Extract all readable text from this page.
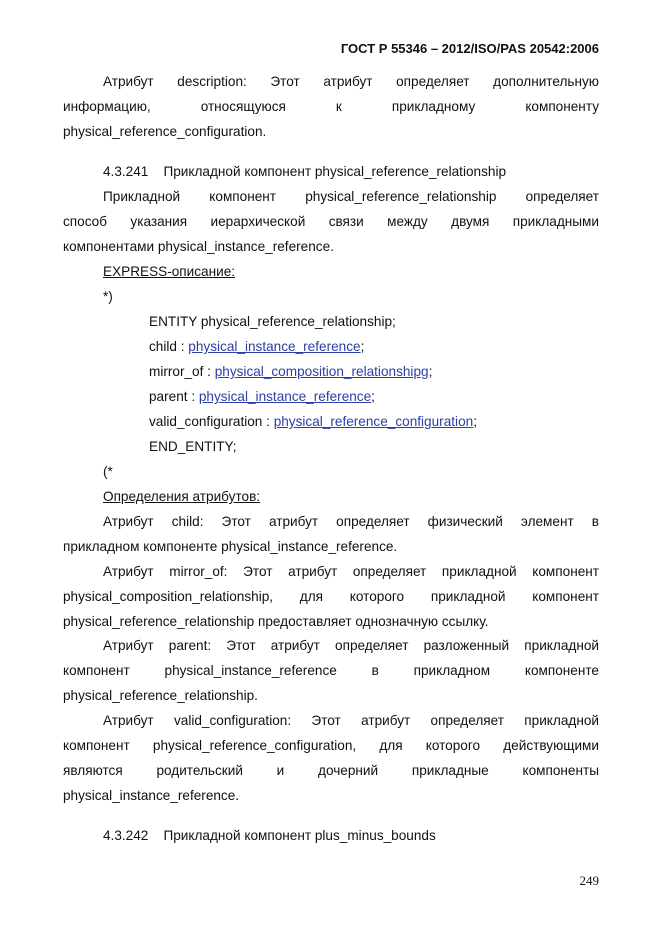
ГОСТ Р 55346 – 2012/ISO/PAS 20542:2006
Атрибут description: Этот атрибут определяет дополнительную
информацию, относящуюся к прикладному компоненту
physical_reference_configuration.
4.3.241    Прикладной компонент physical_reference_relationship
Прикладной компонент physical_reference_relationship определяет
способ указания иерархической связи между двумя прикладными
компонентами physical_instance_reference.
EXPRESS-описание:
*)
ENTITY physical_reference_relationship;
child : physical_instance_reference;
mirror_of : physical_composition_relationshipg;
parent : physical_instance_reference;
valid_configuration : physical_reference_configuration;
END_ENTITY;
(*
Определения атрибутов:
Атрибут child: Этот атрибут определяет физический элемент в
прикладном компоненте physical_instance_reference.
Атрибут mirror_of: Этот атрибут определяет прикладной компонент
physical_composition_relationship, для которого прикладной компонент
physical_reference_relationship предоставляет однозначную ссылку.
Атрибут parent: Этот атрибут определяет разложенный прикладной
компонент physical_instance_reference в прикладном компоненте
physical_reference_relationship.
Атрибут valid_configuration: Этот атрибут определяет прикладной
компонент physical_reference_configuration, для которого действующими
являются родительский и дочерний прикладные компоненты
physical_instance_reference.
4.3.242    Прикладной компонент plus_minus_bounds
249
